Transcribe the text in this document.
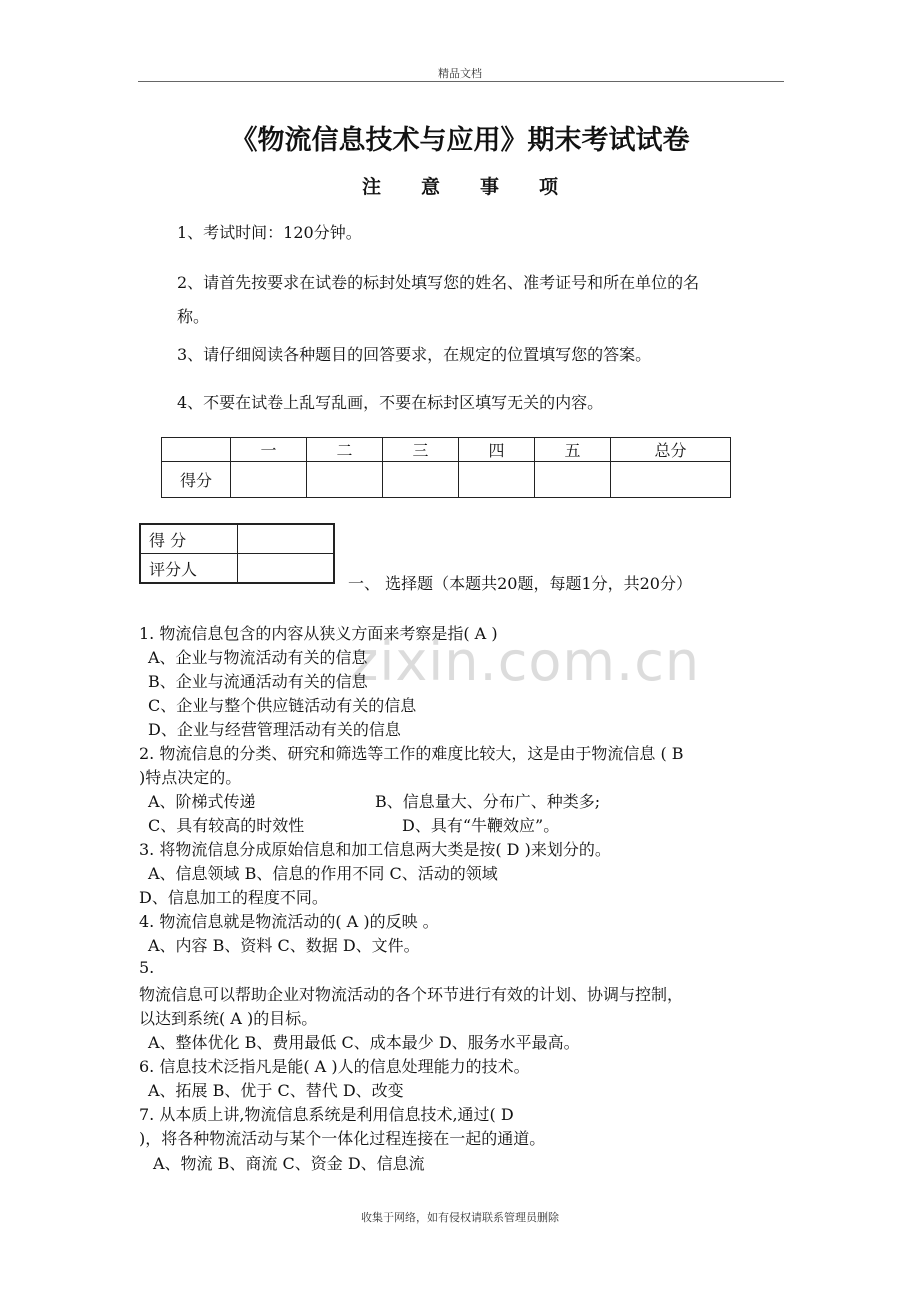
精品文档
《物流信息技术与应用》期末考试试卷
注意事项
1、考试时间：120分钟。
2、请首先按要求在试卷的标封处填写您的姓名、准考证号和所在单位的名
称。
3、请仔细阅读各种题目的回答要求，在规定的位置填写您的答案。
4、不要在试卷上乱写乱画，不要在标封区填写无关的内容。
	一	二	三	四	五	总分
得分						
得 分	
评分人	
一、 选择题（本题共20题，每题1分，共20分）
zixin.com.cn
1. 物流信息包含的内容从狭义方面来考察是指( A )
A、企业与物流活动有关的信息
B、企业与流通活动有关的信息
C、企业与整个供应链活动有关的信息
D、企业与经营管理活动有关的信息
2. 物流信息的分类、研究和筛选等工作的难度比较大，这是由于物流信息 ( B
)特点决定的。
A、阶梯式传递	B、信息量大、分布广、种类多;
C、具有较高的时效性	D、具有“牛鞭效应”。
3. 将物流信息分成原始信息和加工信息两大类是按( D )来划分的。
A、信息领域 B、信息的作用不同 C、活动的领域
D、信息加工的程度不同。
4. 物流信息就是物流活动的( A )的反映 。
A、内容 B、资料 C、数据 D、文件。
5.
物流信息可以帮助企业对物流活动的各个环节进行有效的计划、协调与控制，
以达到系统( A )的目标。
A、整体优化 B、费用最低 C、成本最少 D、服务水平最高。
6. 信息技术泛指凡是能( A )人的信息处理能力的技术。
A、拓展 B、优于 C、替代 D、改变
7. 从本质上讲,物流信息系统是利用信息技术,通过( D
)，将各种物流活动与某个一体化过程连接在一起的通道。
A、物流 B、商流 C、资金 D、信息流
收集于网络，如有侵权请联系管理员删除
